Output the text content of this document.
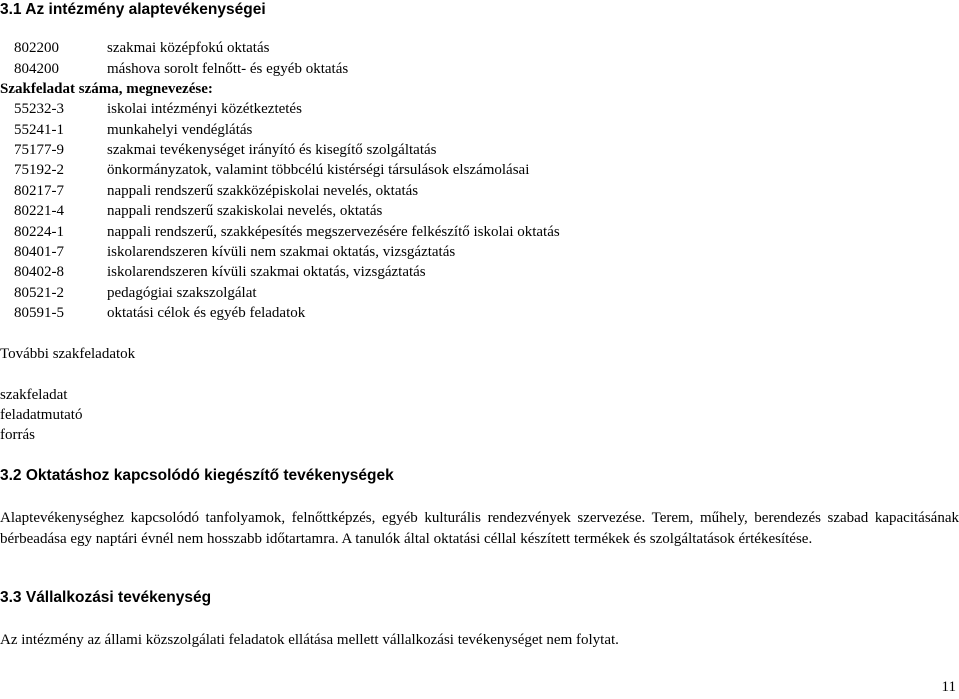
3.1 Az intézmény alaptevékenységei
802200	szakmai középfokú oktatás
804200	máshova sorolt felnőtt- és egyéb oktatás
Szakfeladat száma, megnevezése:
55232-3	iskolai intézményi közétkeztetés
55241-1	munkahelyi vendéglátás
75177-9	szakmai tevékenységet irányító és kisegítő szolgáltatás
75192-2	önkormányzatok, valamint többcélú kistérségi társulások elszámolásai
80217-7	nappali rendszerű szakközépiskolai nevelés, oktatás
80221-4	nappali rendszerű szakiskolai nevelés, oktatás
80224-1	nappali rendszerű, szakképesítés megszervezésére felkészítő iskolai oktatás
80401-7	iskolarendszeren kívüli nem szakmai oktatás, vizsgáztatás
80402-8	iskolarendszeren kívüli szakmai oktatás, vizsgáztatás
80521-2	pedagógiai szakszolgálat
80591-5	oktatási célok és egyéb feladatok
További szakfeladatok
szakfeladat
feladatmutató
forrás
3.2 Oktatáshoz kapcsolódó kiegészítő tevékenységek
Alaptevékenységhez kapcsolódó tanfolyamok, felnőttképzés, egyéb kulturális rendezvények szervezése. Terem, műhely, berendezés szabad kapacitásának bérbeadása egy naptári évnél nem hosszabb időtartamra. A tanulók által oktatási céllal készített termékek és szolgáltatások értékesítése.
3.3 Vállalkozási tevékenység
Az intézmény az állami közszolgálati feladatok ellátása mellett vállalkozási tevékenységet nem folytat.
11
